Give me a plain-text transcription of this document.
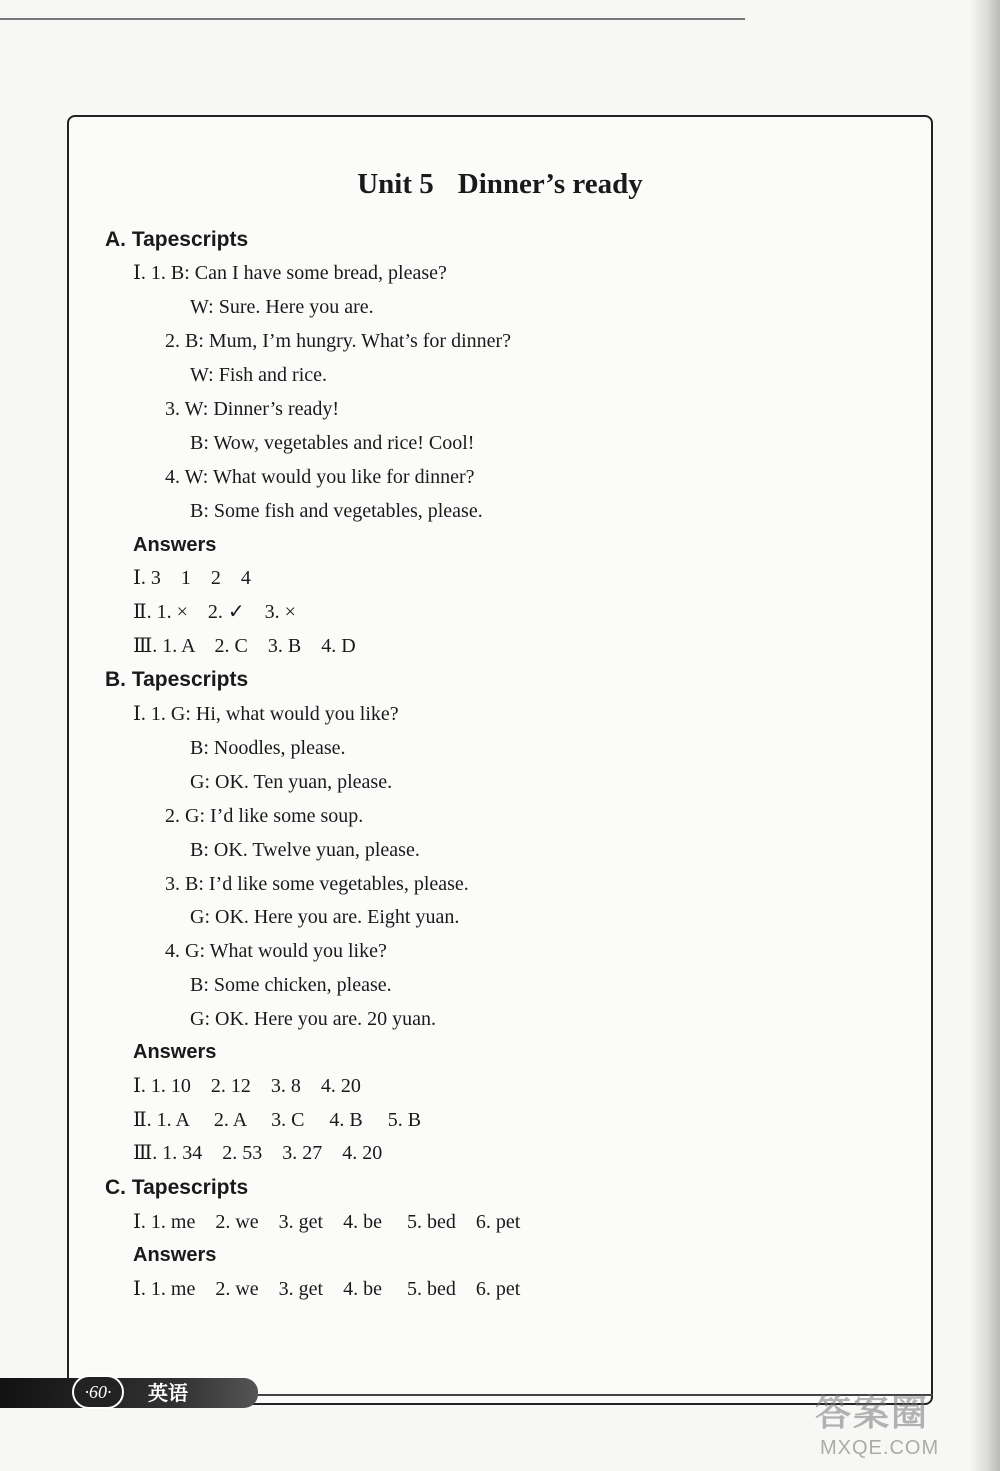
Unit 5 Dinner’s ready
A. Tapescripts
Ⅰ. 1. B: Can I have some bread, please?
W: Sure. Here you are.
2. B: Mum, I’m hungry. What’s for dinner?
W: Fish and rice.
3. W: Dinner’s ready!
B: Wow, vegetables and rice! Cool!
4. W: What would you like for dinner?
B: Some fish and vegetables, please.
Answers
Ⅰ. 3    1    2    4
Ⅱ. 1. ×    2. ✓    3. ×
Ⅲ. 1. A    2. C    3. B    4. D
B. Tapescripts
Ⅰ. 1. G: Hi, what would you like?
B: Noodles, please.
G: OK. Ten yuan, please.
2. G: I’d like some soup.
B: OK. Twelve yuan, please.
3. B: I’d like some vegetables, please.
G: OK. Here you are. Eight yuan.
4. G: What would you like?
B: Some chicken, please.
G: OK. Here you are. 20 yuan.
Answers
Ⅰ. 1. 10    2. 12    3. 8    4. 20
Ⅱ. 1. A     2. A     3. C     4. B     5. B
Ⅲ. 1. 34    2. 53    3. 27    4. 20
C. Tapescripts
Ⅰ. 1. me    2. we    3. get    4. be     5. bed    6. pet
Answers
Ⅰ. 1. me    2. we    3. get    4. be     5. bed    6. pet
·60·	英语	答案圈
MXQE.COM
